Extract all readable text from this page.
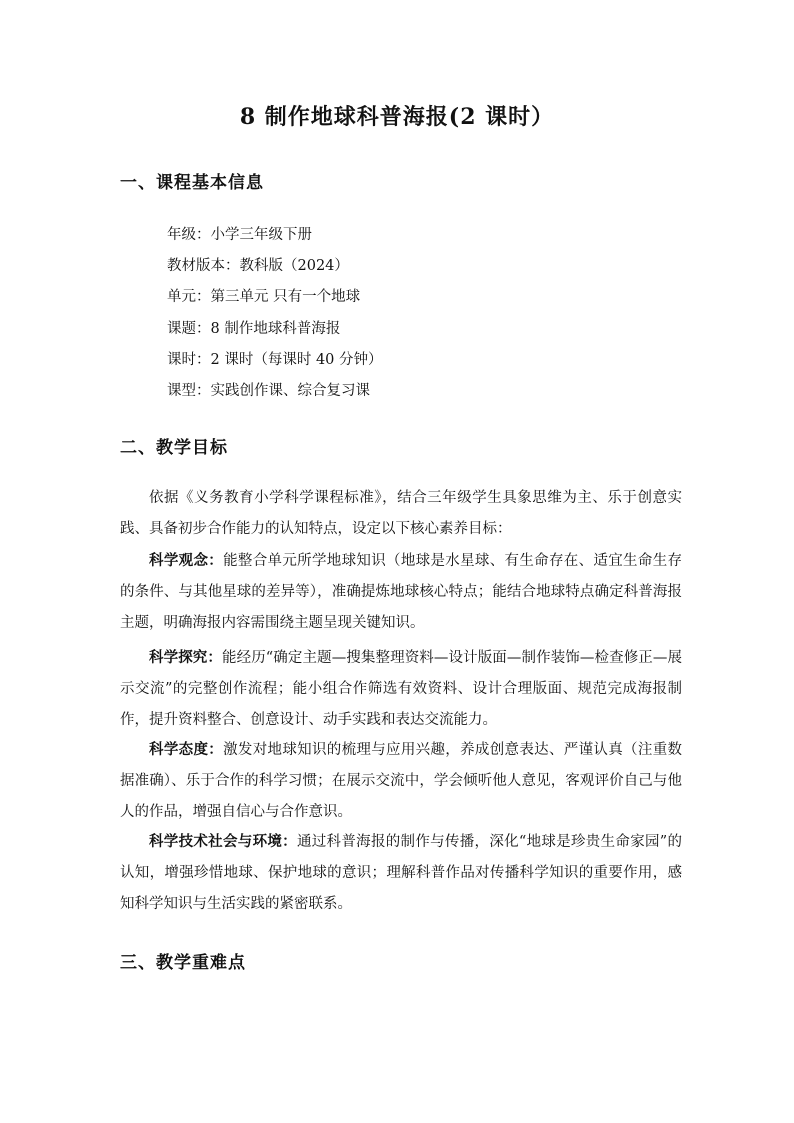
8 制作地球科普海报(2 课时）
一、课程基本信息
年级：小学三年级下册
教材版本：教科版（2024）
单元：第三单元 只有一个地球
课题：8 制作地球科普海报
课时：2 课时（每课时 40 分钟）
课型：实践创作课、综合复习课
二、教学目标
依据《义务教育小学科学课程标准》，结合三年级学生具象思维为主、乐于创意实践、具备初步合作能力的认知特点，设定以下核心素养目标：
科学观念：能整合单元所学地球知识（地球是水星球、有生命存在、适宜生命生存的条件、与其他星球的差异等），准确提炼地球核心特点；能结合地球特点确定科普海报主题，明确海报内容需围绕主题呈现关键知识。
科学探究：能经历“确定主题—搜集整理资料—设计版面—制作装饰—检查修正—展示交流”的完整创作流程；能小组合作筛选有效资料、设计合理版面、规范完成海报制作，提升资料整合、创意设计、动手实践和表达交流能力。
科学态度：激发对地球知识的梳理与应用兴趣，养成创意表达、严谨认真（注重数据准确）、乐于合作的科学习惯；在展示交流中，学会倾听他人意见，客观评价自己与他人的作品，增强自信心与合作意识。
科学技术社会与环境：通过科普海报的制作与传播，深化“地球是珍贵生命家园”的认知，增强珍惜地球、保护地球的意识；理解科普作品对传播科学知识的重要作用，感知科学知识与生活实践的紧密联系。
三、教学重难点
